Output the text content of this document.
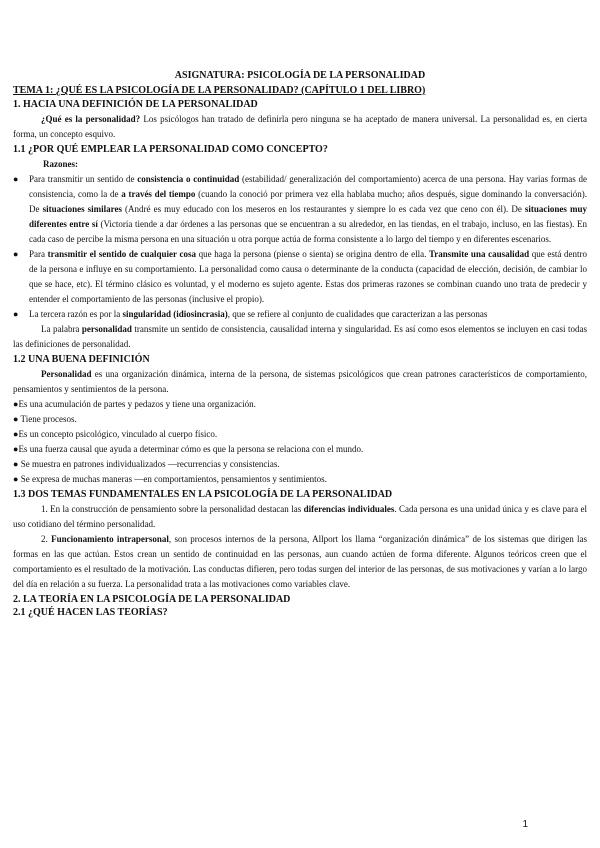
ASIGNATURA: PSICOLOGÍA DE LA PERSONALIDAD
TEMA 1: ¿QUÉ ES LA PSICOLOGÍA DE LA PERSONALIDAD? (CAPÍTULO 1 DEL LIBRO)
1. HACIA UNA DEFINICIÓN DE LA PERSONALIDAD

¿Qué es la personalidad? Los psicólogos han tratado de definirla pero ninguna se ha aceptado de manera universal. La personalidad es, en cierta forma, un concepto esquivo.

1.1 ¿POR QUÉ EMPLEAR LA PERSONALIDAD COMO CONCEPTO?

Razones:

● Para transmitir un sentido de consistencia o continuidad (estabilidad/ generalización del comportamiento) acerca de una persona. Hay varias formas de consistencia, como la de a través del tiempo (cuando la conoció por primera vez ella hablaba mucho; años después, sigue dominando la conversación). De situaciones similares (André es muy educado con los meseros en los restaurantes y siempre lo es cada vez que ceno con él). De situaciones muy diferentes entre sí (Victoria tiende a dar órdenes a las personas que se encuentran a su alrededor, en las tiendas, en el trabajo, incluso, en las fiestas). En cada caso de percibe la misma persona en una situación u otra porque actúa de forma consistente a lo largo del tiempo y en diferentes escenarios.

● Para transmitir el sentido de cualquier cosa que haga la persona (piense o sienta) se origina dentro de ella. Transmite una causalidad que está dentro de la persona e influye en su comportamiento. La personalidad como causa o determinante de la conducta (capacidad de elección, decisión, de cambiar lo que se hace, etc). El término clásico es voluntad, y el moderno es sujeto agente. Estas dos primeras razones se combinan cuando uno trata de predecir y entender el comportamiento de las personas (inclusive el propio).

● La tercera razón es por la singularidad (idiosincrasia), que se refiere al conjunto de cualidades que caracterizan a las personas

La palabra personalidad transmite un sentido de consistencia, causalidad interna y singularidad. Es así como esos elementos se incluyen en casi todas las definiciones de personalidad.

1.2 UNA BUENA DEFINICIÓN

Personalidad es una organización dinámica, interna de la persona, de sistemas psicológicos que crean patrones característicos de comportamiento, pensamientos y sentimientos de la persona.

●Es una acumulación de partes y pedazos y tiene una organización.

● Tiene procesos.

●Es un concepto psicológico, vinculado al cuerpo físico.

●Es una fuerza causal que ayuda a determinar cómo es que la persona se relaciona con el mundo.

● Se muestra en patrones individualizados —recurrencias y consistencias.

● Se expresa de muchas maneras —en comportamientos, pensamientos y sentimientos.

1.3 DOS TEMAS FUNDAMENTALES EN LA PSICOLOGÍA DE LA PERSONALIDAD

1. En la construcción de pensamiento sobre la personalidad destacan las diferencias individuales. Cada persona es una unidad única y es clave para el uso cotidiano del término personalidad.

2. Funcionamiento intrapersonal, son procesos internos de la persona, Allport los llama “organización dinámica” de los sistemas que dirigen las formas en las que actúan. Estos crean un sentido de continuidad en las personas, aun cuando actúen de forma diferente. Algunos teóricos creen que el comportamiento es el resultado de la motivación. Las conductas difieren, pero todas surgen del interior de las personas, de sus motivaciones y varían a lo largo del día en relación a su fuerza. La personalidad trata a las motivaciones como variables clave.

2. LA TEORÍA EN LA PSICOLOGÍA DE LA PERSONALIDAD
2.1 ¿QUÉ HACEN LAS TEORÍAS?
1
